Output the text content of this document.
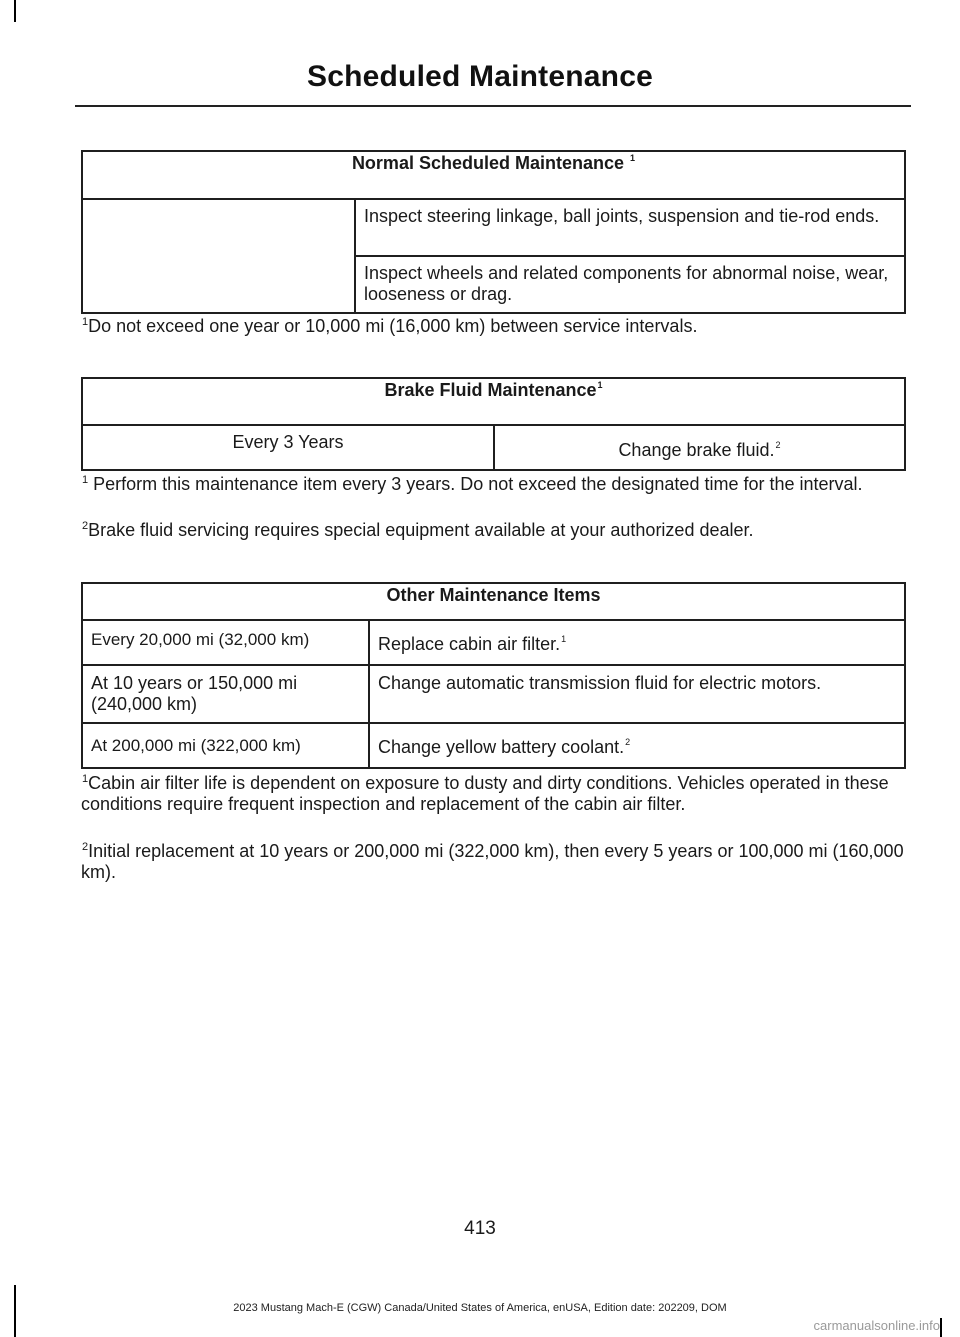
Scheduled Maintenance
Normal Scheduled Maintenance $^1$
	Inspect steering linkage, ball joints, suspension and tie-rod ends.
Inspect wheels and related components for abnormal noise, wear, looseness or drag.
$^1$Do not exceed one year or 10,000 mi (16,000 km) between service intervals.
Brake Fluid Maintenance$^1$
Every 3 Years	Change brake fluid.$^2$
$^1$ Perform this maintenance item every 3 years. Do not exceed the designated time for the interval.
$^2$Brake fluid servicing requires special equipment available at your authorized dealer.
Other Maintenance Items	
Every 20,000 mi (32,000 km)	Replace cabin air filter.$^1$
At 10 years or 150,000 mi (240,000 km)	Change automatic transmission fluid for electric motors.
At 200,000 mi (322,000 km)	Change yellow battery coolant.$^2$
$^1$Cabin air filter life is dependent on exposure to dusty and dirty conditions. Vehicles operated in these conditions require frequent inspection and replacement of the cabin air filter.
$^2$Initial replacement at 10 years or 200,000 mi (322,000 km), then every 5 years or 100,000 mi (160,000 km).
413
2023 Mustang Mach-E (CGW) Canada/United States of America, enUSA, Edition date: 202209, DOM
carmanualsonline.info
